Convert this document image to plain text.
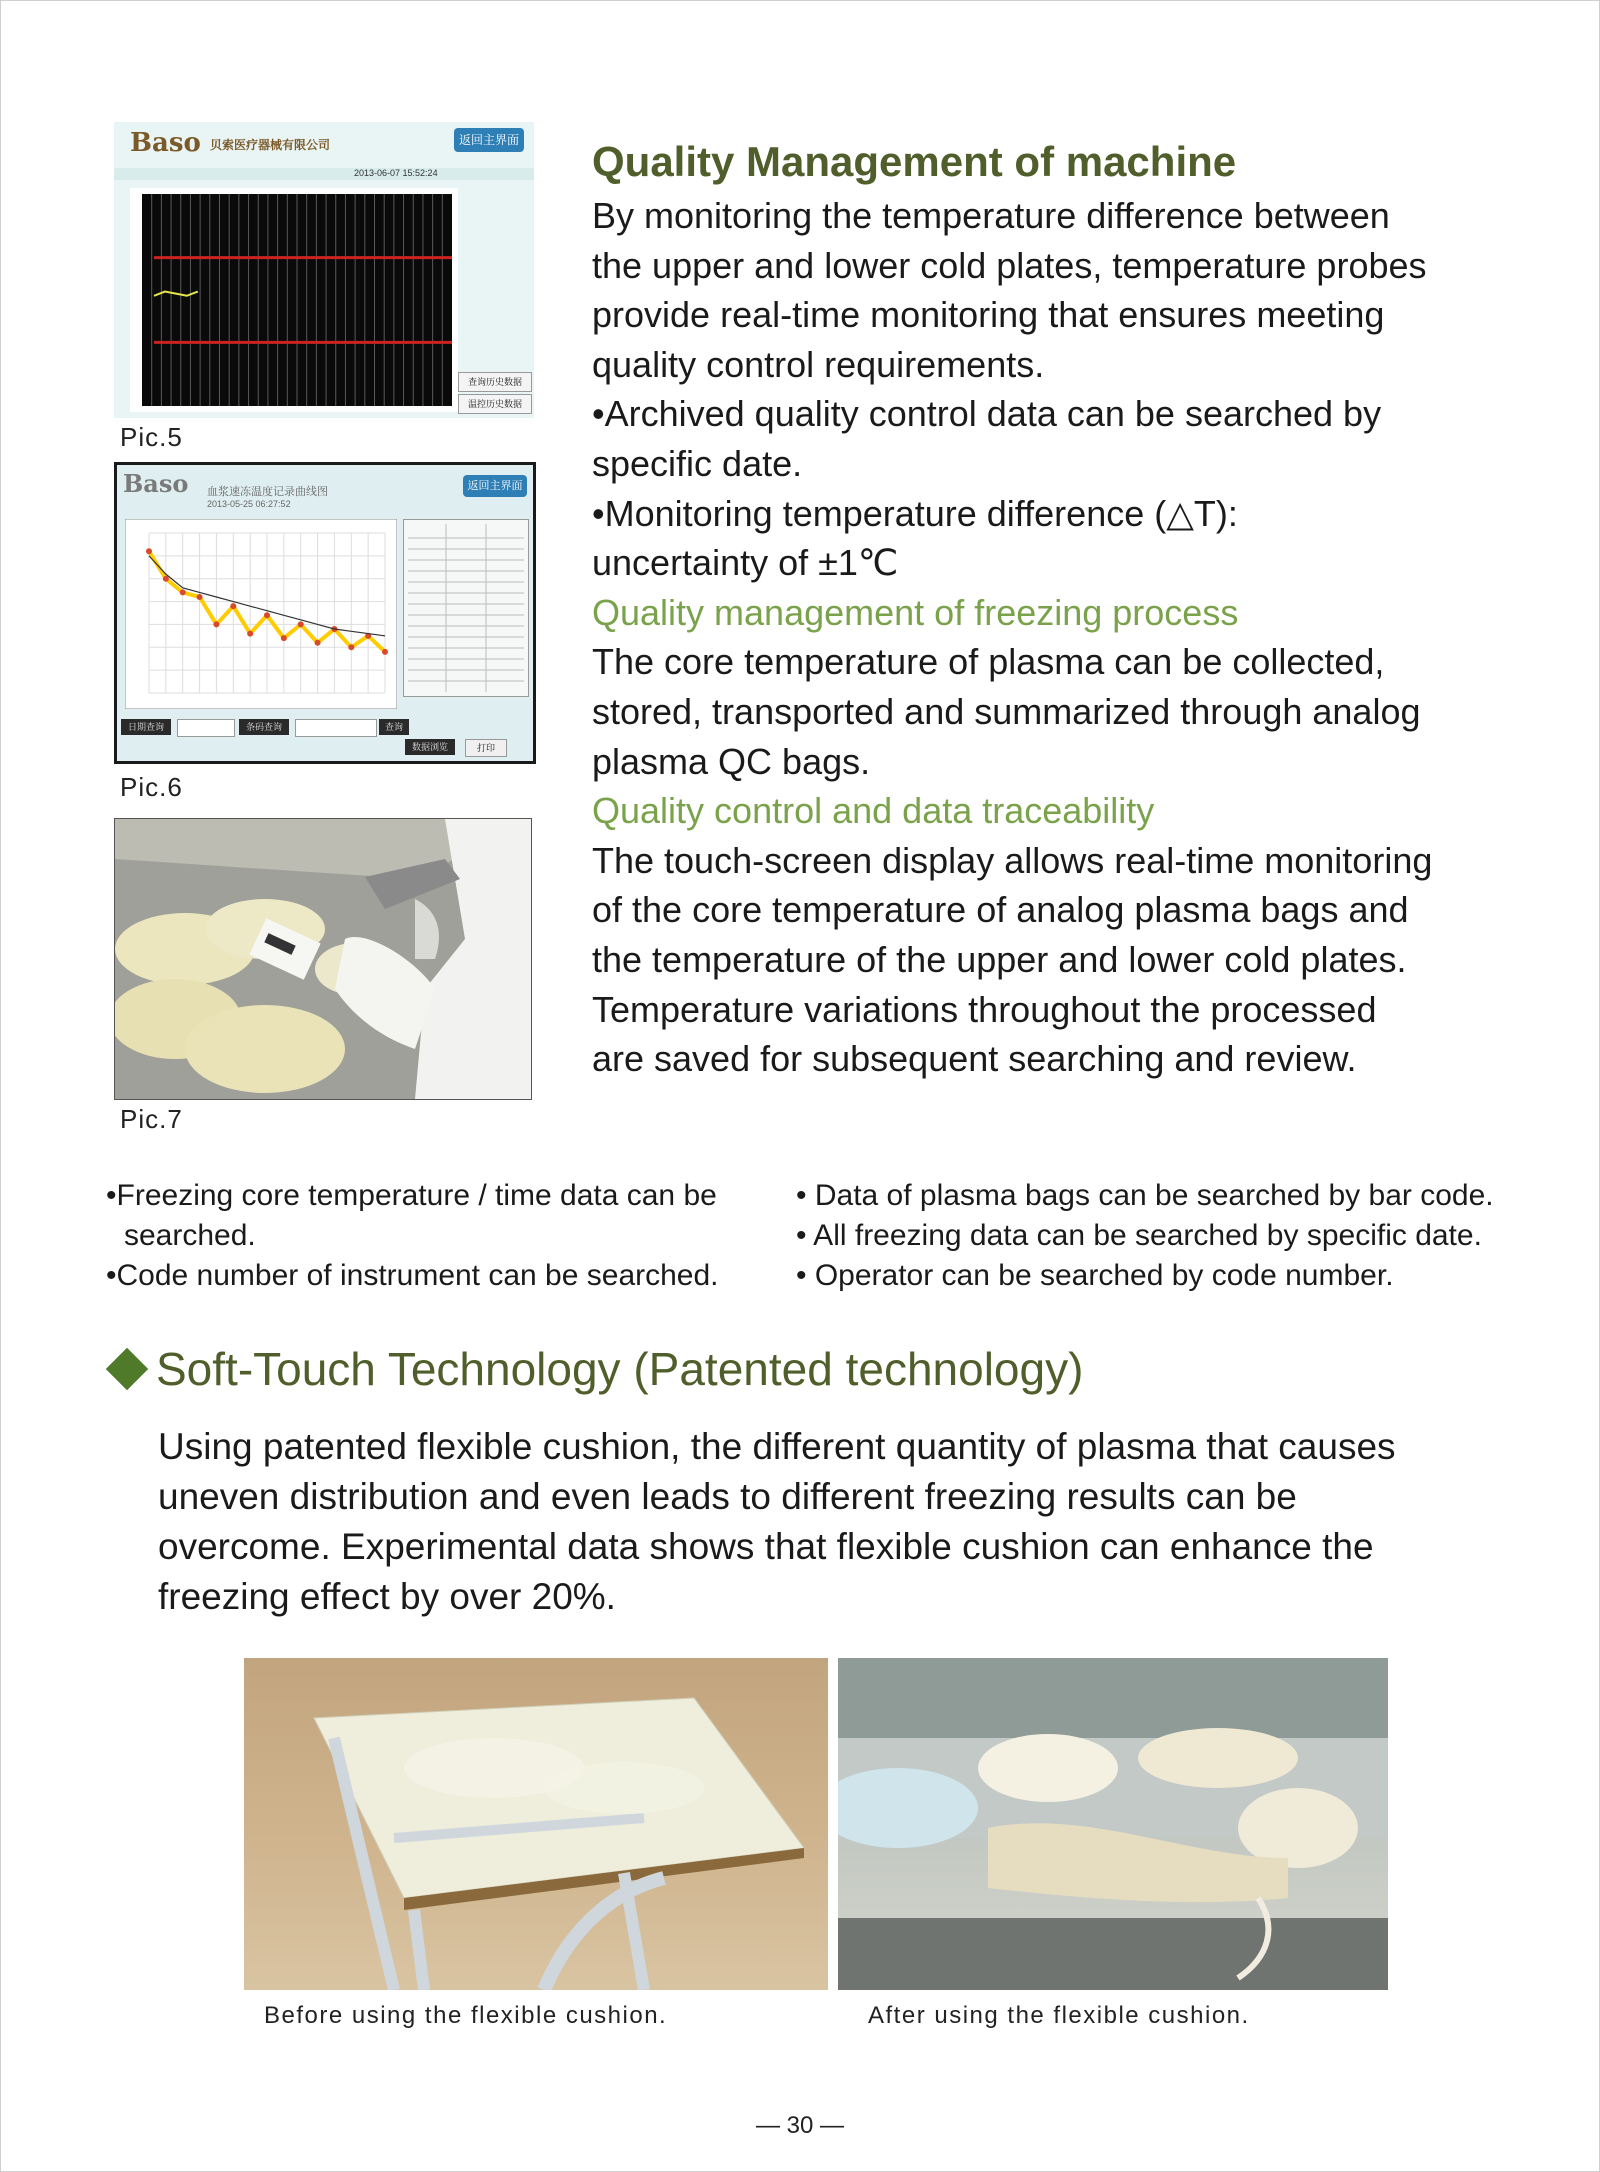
Baso 贝索医疗器械有限公司	返回主界面
2013-06-07 15:52:24
查询历史数据
温控历史数据
Pic.5
Baso 血浆速冻温度记录曲线图
2013-05-25 06:27:52
返回主界面
日期查询	条码查询	查询
数据浏览	打印
Pic.6
Pic.7
Quality Management of machine
By monitoring the temperature difference between
the upper and lower cold plates, temperature probes
provide real-time monitoring that ensures meeting
quality control requirements.
•Archived quality control data can be searched by
specific date.
•Monitoring temperature difference (△T):
uncertainty of ±1℃
Quality management of freezing process
The core temperature of plasma can be collected,
stored, transported and summarized through analog
plasma QC bags.
Quality control and data traceability
The touch-screen display allows real-time monitoring
of the core temperature of analog plasma bags and
the temperature of the upper and lower cold plates.
Temperature variations throughout the processed
are saved for subsequent searching and review.
•Freezing core temperature / time data can be
searched.
•Code number of instrument can be searched.
• Data of plasma bags can be searched by bar code.
• All freezing data can be searched by specific date.
• Operator can be searched by code number.
Soft-Touch Technology (Patented technology)
Using patented flexible cushion, the different quantity of plasma that causes
uneven distribution and even leads to different freezing results can be
overcome. Experimental data shows that flexible cushion can enhance the
freezing effect by over 20%.
Before using the flexible cushion.	After using the flexible cushion.
— 30 —
